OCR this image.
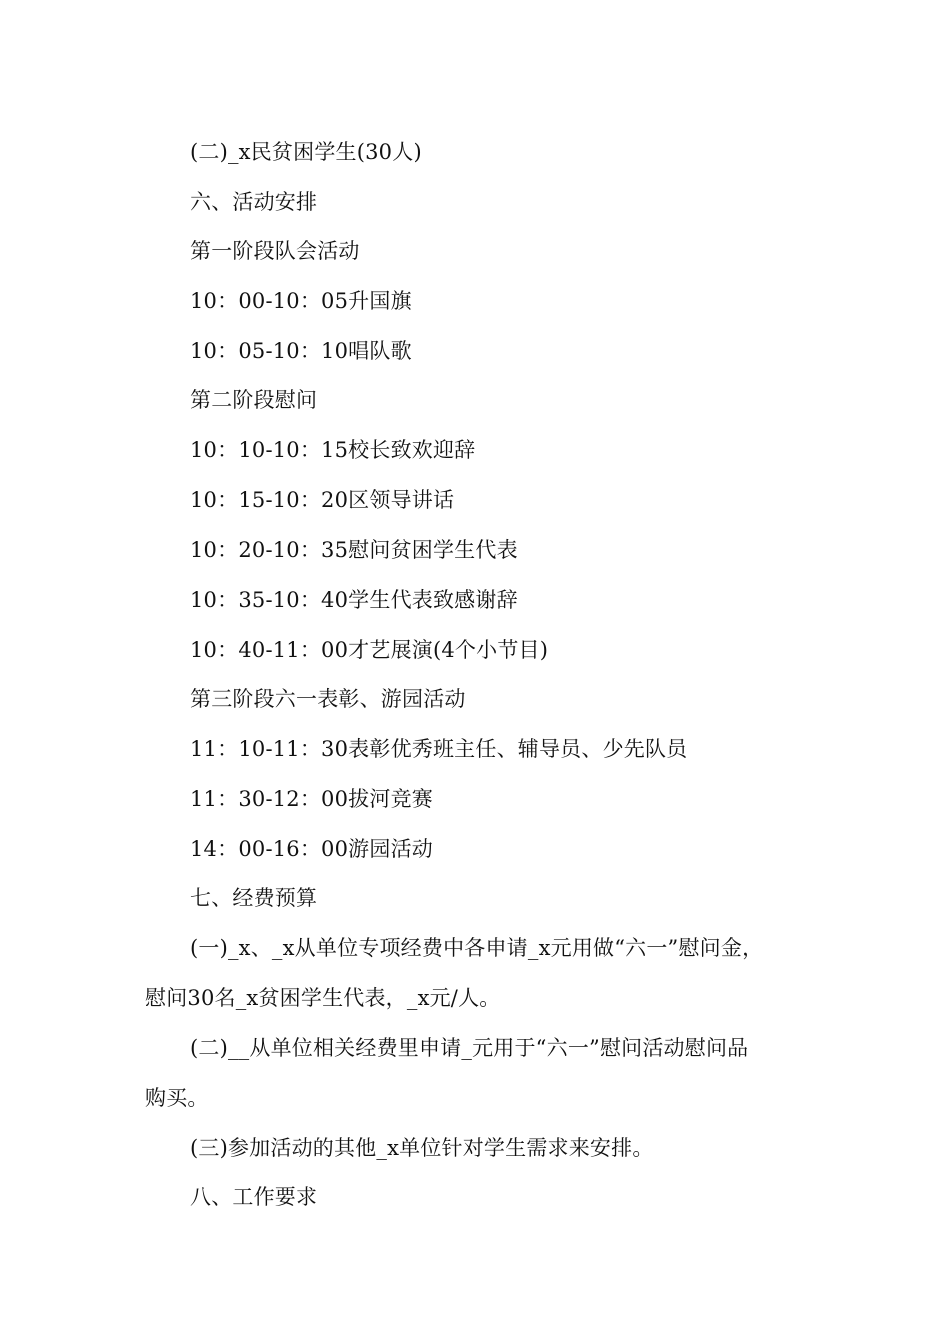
(二)_x民贫困学生(30人)
六、活动安排
第一阶段队会活动
10：00-10：05升国旗
10：05-10：10唱队歌
第二阶段慰问
10：10-10：15校长致欢迎辞
10：15-10：20区领导讲话
10：20-10：35慰问贫困学生代表
10：35-10：40学生代表致感谢辞
10：40-11：00才艺展演(4个小节目)
第三阶段六一表彰、游园活动
11：10-11：30表彰优秀班主任、辅导员、少先队员
11：30-12：00拔河竞赛
14：00-16：00游园活动
七、经费预算
(一)_x、_x从单位专项经费中各申请_x元用做“六一”慰问金，
慰问30名_x贫困学生代表，_x元/人。
(二)__从单位相关经费里申请_元用于“六一”慰问活动慰问品
购买。
(三)参加活动的其他_x单位针对学生需求来安排。
八、工作要求
